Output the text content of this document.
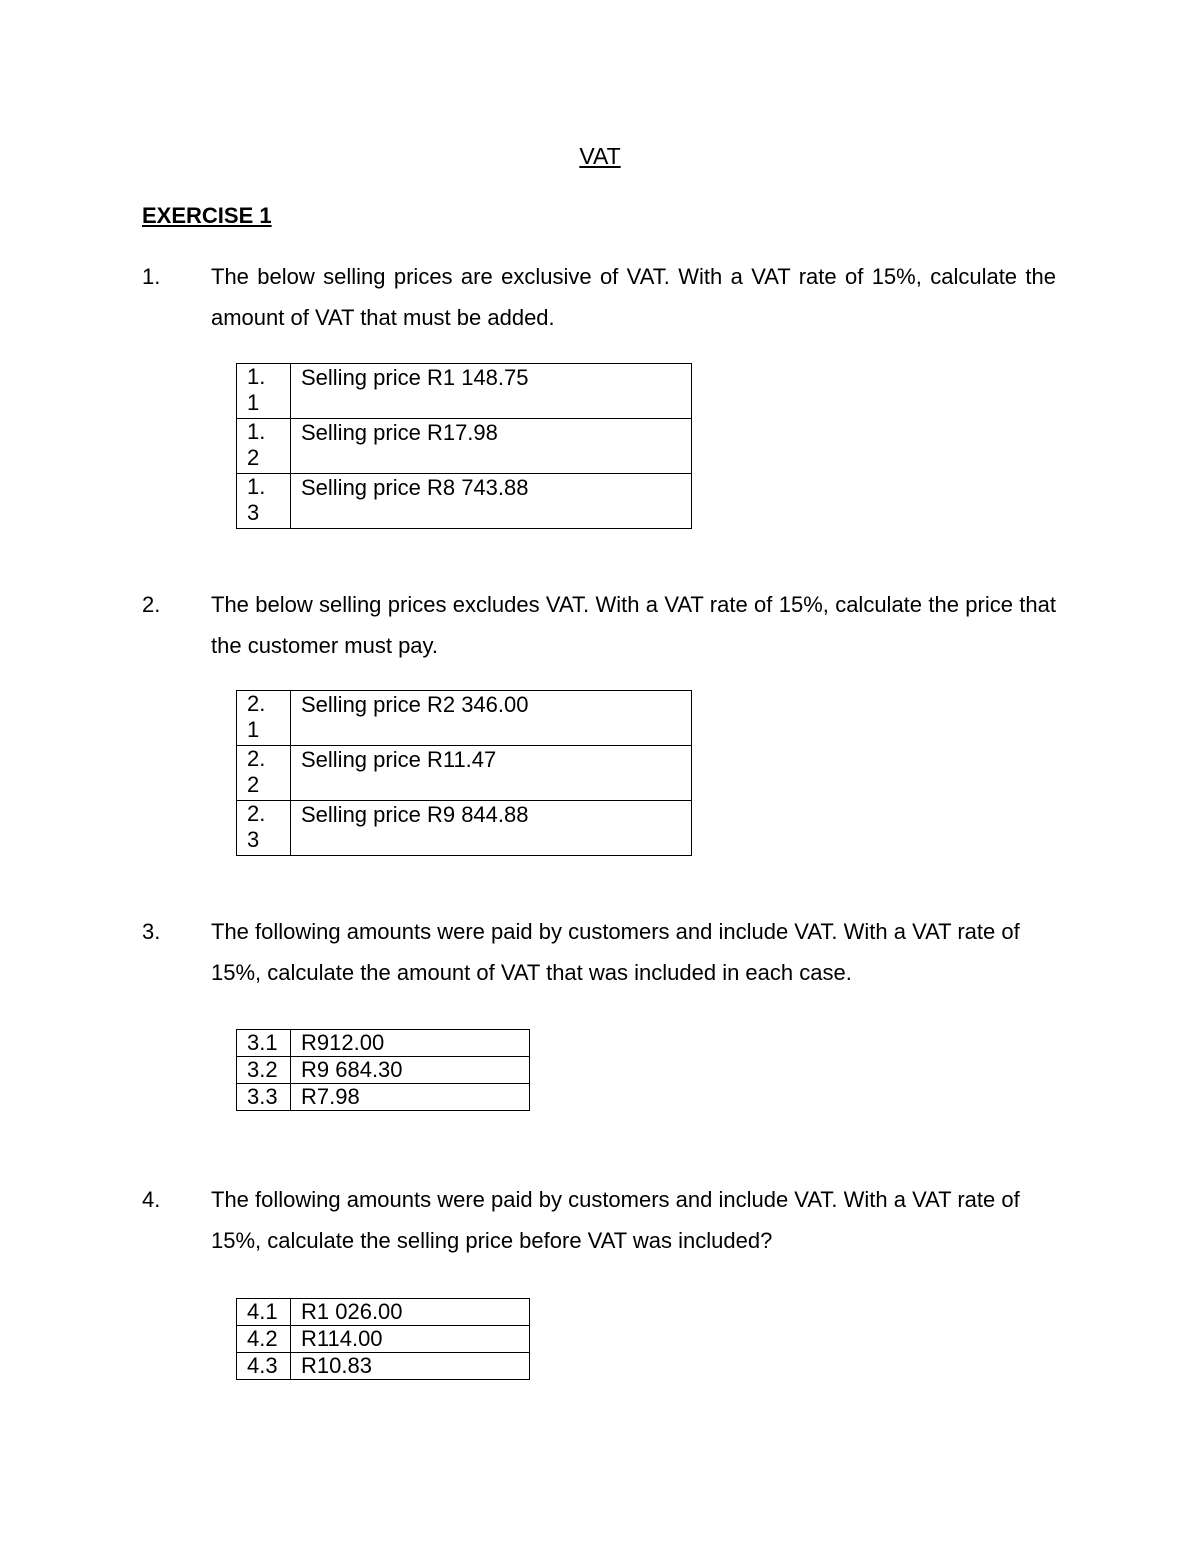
VAT
EXERCISE 1
1. The below selling prices are exclusive of VAT. With a VAT rate of 15%, calculate the amount of VAT that must be added.
1.
1	Selling price R1 148.75

1.
2	Selling price R17.98

1.
3	Selling price R8 743.88
2. The below selling prices excludes VAT. With a VAT rate of 15%, calculate the price that the customer must pay.
2.
1	Selling price R2 346.00

2.
2	Selling price R11.47

2.
3	Selling price R9 844.88
3. The following amounts were paid by customers and include VAT. With a VAT rate of 15%, calculate the amount of VAT that was included in each case.
3.1	R912.00
3.2	R9 684.30
3.3	R7.98
4. The following amounts were paid by customers and include VAT. With a VAT rate of 15%, calculate the selling price before VAT was included?
4.1	R1 026.00
4.2	R114.00
4.3	R10.83
